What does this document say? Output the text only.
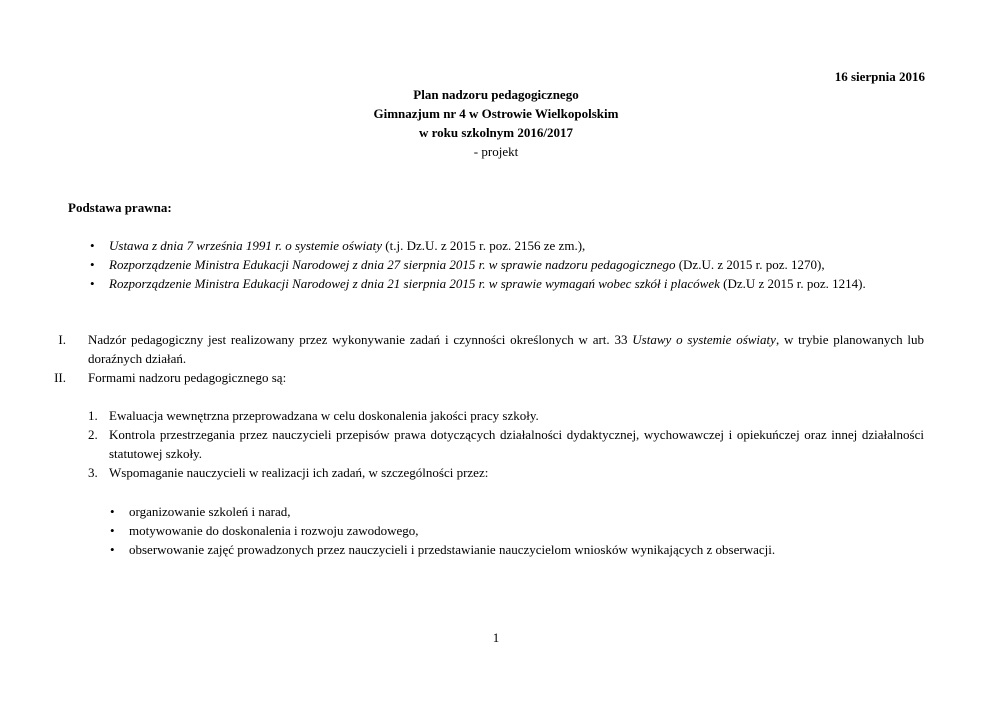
16 sierpnia 2016
Plan nadzoru pedagogicznego
Gimnazjum nr 4 w Ostrowie Wielkopolskim
w roku szkolnym 2016/2017
- projekt
Podstawa prawna:
• Ustawa z dnia 7 września 1991 r. o systemie oświaty (t.j. Dz.U. z 2015 r. poz. 2156 ze zm.),
• Rozporządzenie Ministra Edukacji Narodowej z dnia 27 sierpnia 2015 r. w sprawie nadzoru pedagogicznego (Dz.U. z 2015 r. poz. 1270),
• Rozporządzenie Ministra Edukacji Narodowej z dnia 21 sierpnia 2015 r. w sprawie wymagań wobec szkół i placówek (Dz.U z 2015 r. poz. 1214).
I. Nadzór pedagogiczny jest realizowany przez wykonywanie zadań i czynności określonych w art. 33 Ustawy o systemie oświaty, w trybie planowanych lub doraźnych działań.
II. Formami nadzoru pedagogicznego są:
1. Ewaluacja wewnętrzna przeprowadzana w celu doskonalenia jakości pracy szkoły.
2. Kontrola przestrzegania przez nauczycieli przepisów prawa dotyczących działalności dydaktycznej, wychowawczej i opiekuńczej oraz innej działalności statutowej szkoły.
3. Wspomaganie nauczycieli w realizacji ich zadań, w szczególności przez:
• organizowanie szkoleń i narad,
• motywowanie do doskonalenia i rozwoju zawodowego,
• obserwowanie zajęć prowadzonych przez nauczycieli i przedstawianie nauczycielom wniosków wynikających z obserwacji.
1
